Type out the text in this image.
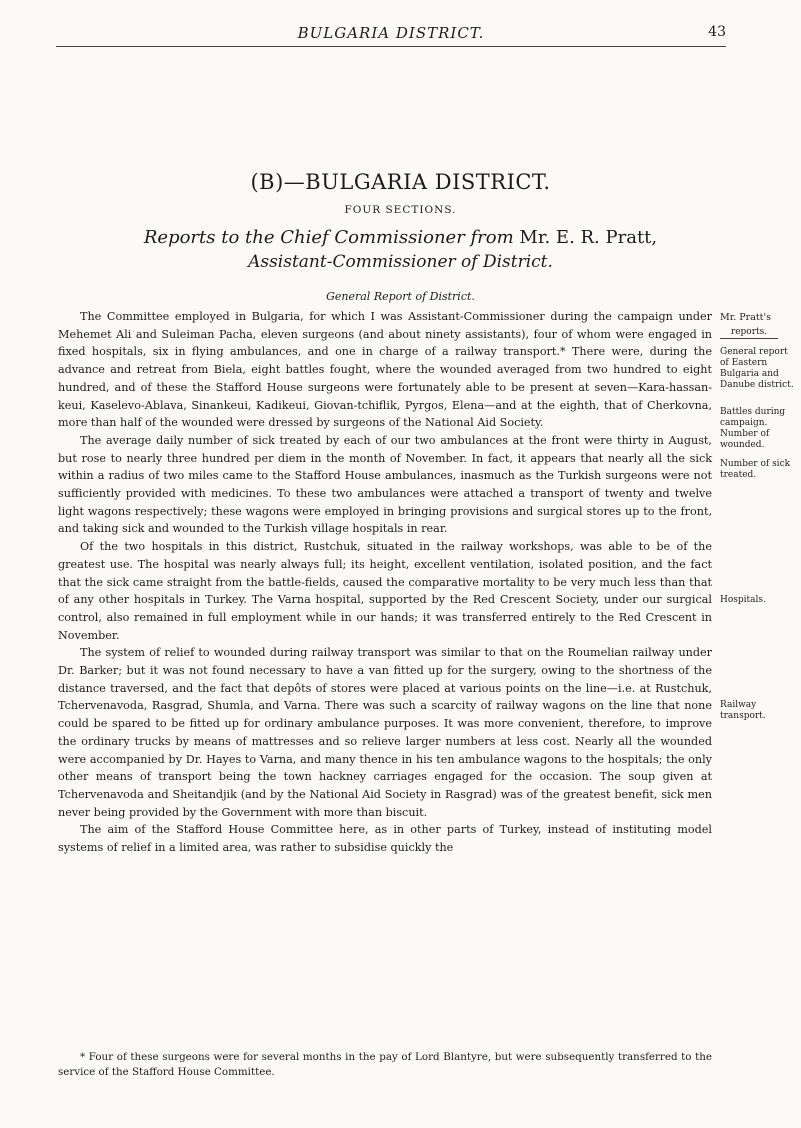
BULGARIA DISTRICT.	43
(B)—BULGARIA DISTRICT.
FOUR SECTIONS.
Reports to the Chief Commissioner from Mr. E. R. Pratt,
Assistant-Commissioner of District.
General Report of District.

The Committee employed in Bulgaria, for which I was Assistant-Commissioner during the campaign under Mehemet Ali and Suleiman Pacha, eleven surgeons (and about ninety assistants), four of whom were engaged in fixed hospitals, six in flying ambulances, and one in charge of a railway transport.* There were, during the advance and retreat from Biela, eight battles fought, where the wounded averaged from two hundred to eight hundred, and of these the Stafford House surgeons were fortunately able to be present at seven—Kara-hassan-keui, Kaselevo-Ablava, Sinankeui, Kadikeui, Giovan-tchiflik, Pyrgos, Elena—and at the eighth, that of Cherkovna, more than half of the wounded were dressed by surgeons of the National Aid Society.

The average daily number of sick treated by each of our two ambulances at the front were thirty in August, but rose to nearly three hundred per diem in the month of November. In fact, it appears that nearly all the sick within a radius of two miles came to the Stafford House ambulances, inasmuch as the Turkish surgeons were not sufficiently provided with medicines. To these two ambulances were attached a transport of twenty and twelve light wagons respectively; these wagons were employed in bringing provisions and surgical stores up to the front, and taking sick and wounded to the Turkish village hospitals in rear.

Of the two hospitals in this district, Rustchuk, situated in the railway workshops, was able to be of the greatest use. The hospital was nearly always full; its height, excellent ventilation, isolated position, and the fact that the sick came straight from the battle-fields, caused the comparative mortality to be very much less than that of any other hospitals in Turkey. The Varna hospital, supported by the Red Crescent Society, under our surgical control, also remained in full employment while in our hands; it was transferred entirely to the Red Crescent in November.

The system of relief to wounded during railway transport was similar to that on the Roumelian railway under Dr. Barker; but it was not found necessary to have a van fitted up for the surgery, owing to the shortness of the distance traversed, and the fact that depôts of stores were placed at various points on the line—i.e. at Rustchuk, Tchervenavoda, Rasgrad, Shumla, and Varna. There was such a scarcity of railway wagons on the line that none could be spared to be fitted up for ordinary ambulance purposes. It was more convenient, therefore, to improve the ordinary trucks by means of mattresses and so relieve larger numbers at less cost. Nearly all the wounded were accompanied by Dr. Hayes to Varna, and many thence in his ten ambulance wagons to the hospitals; the only other means of transport being the town hackney carriages engaged for the occasion. The soup given at Tchervenavoda and Sheitandjik (and by the National Aid Society in Rasgrad) was of the greatest benefit, sick men never being provided by the Government with more than biscuit.

The aim of the Stafford House Committee here, as in other parts of Turkey, instead of instituting model systems of relief in a limited area, was rather to subsidise quickly the

Mr. Pratt's
reports.
General report of Eastern Bulgaria and Danube district.
Battles during campaign. Number of wounded.
Number of sick treated.
Hospitals.
Railway transport.
* Four of these surgeons were for several months in the pay of Lord Blantyre, but were subsequently transferred to the service of the Stafford House Committee.
